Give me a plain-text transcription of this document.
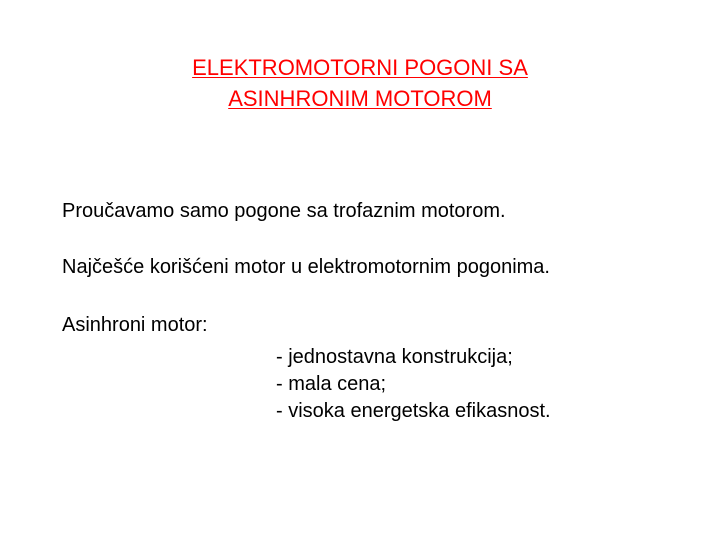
ELEKTROMOTORNI POGONI SA
ASINHRONIM MOTOROM
Proučavamo samo pogone sa trofaznim motorom.
Najčešće korišćeni motor u elektromotornim pogonima.
Asinhroni motor:
- jednostavna konstrukcija;
- mala cena;
- visoka energetska efikasnost.
